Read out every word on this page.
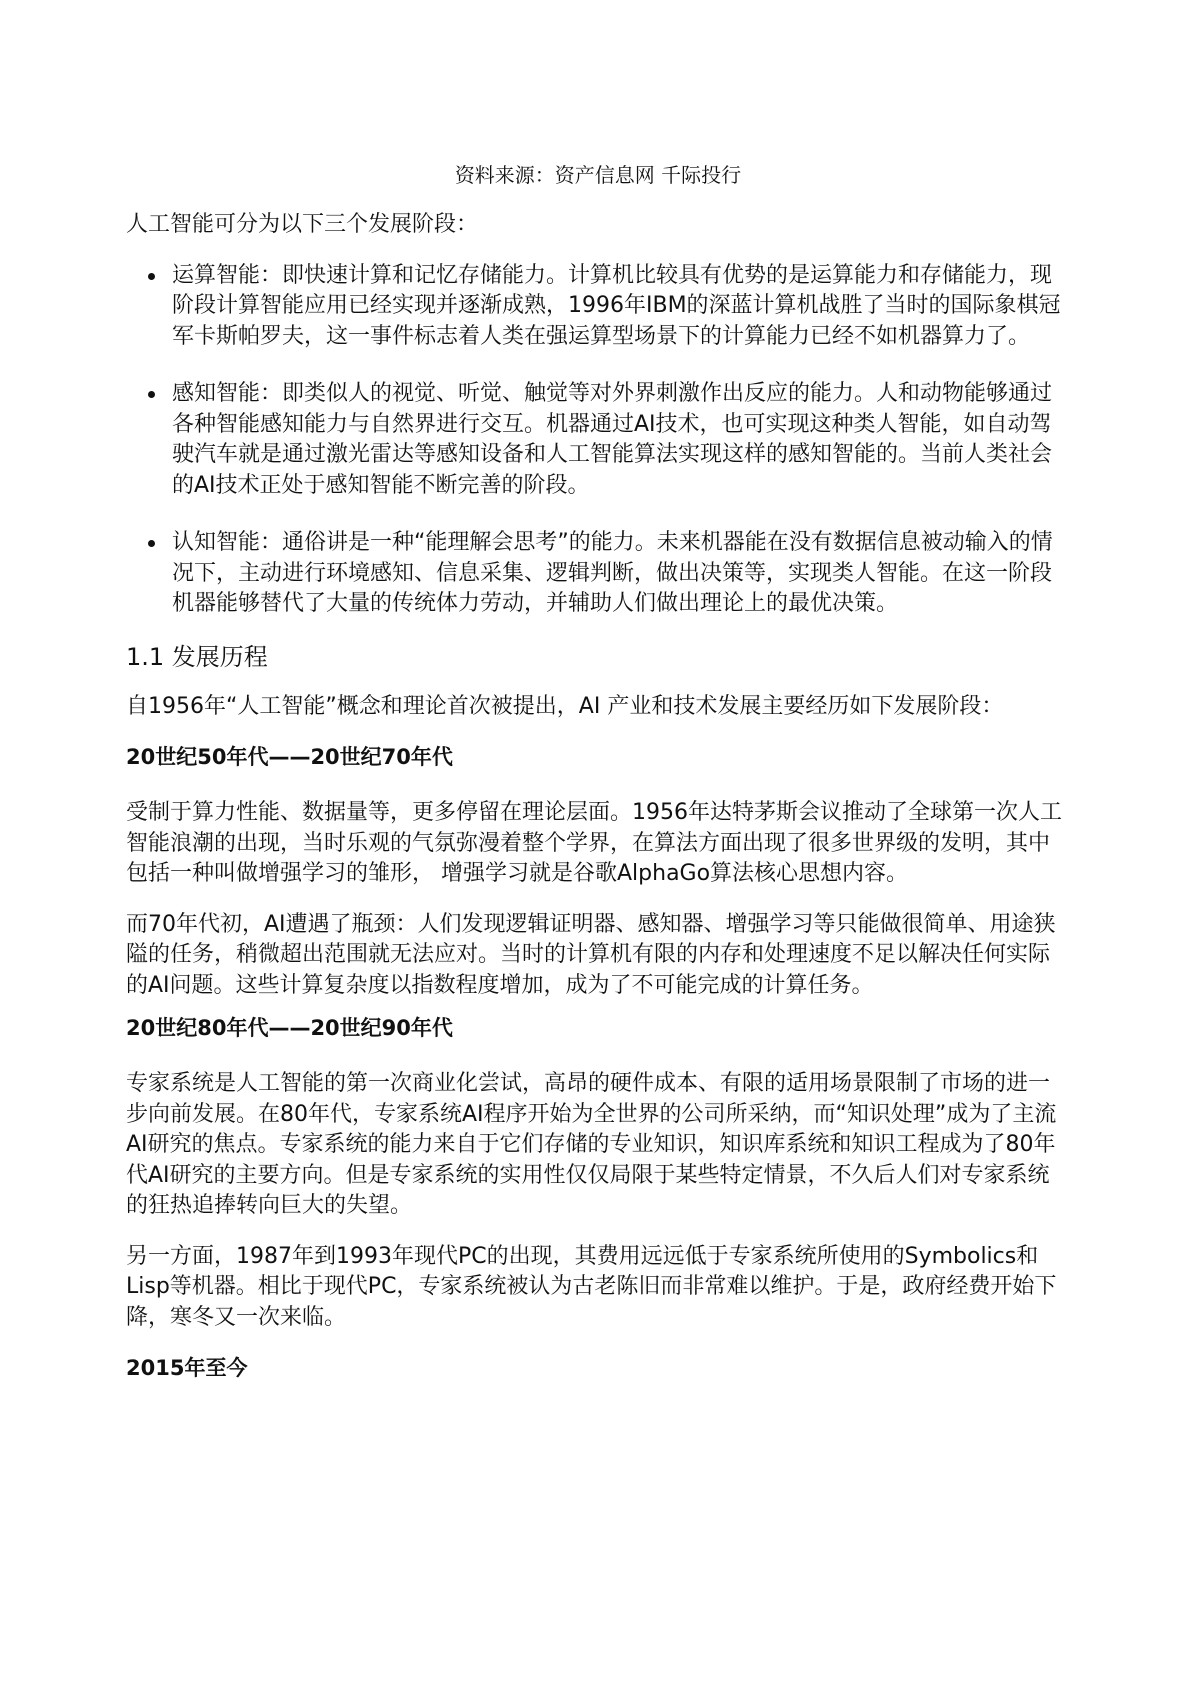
资料来源：资产信息网 千际投行

人工智能可分为以下三个发展阶段：

运算智能：即快速计算和记忆存储能力。计算机比较具有优势的是运算能力和存储能力，现阶段计算智能应用已经实现并逐渐成熟，1996年IBM的深蓝计算机战胜了当时的国际象棋冠军卡斯帕罗夫，这一事件标志着人类在强运算型场景下的计算能力已经不如机器算力了。
感知智能：即类似人的视觉、听觉、触觉等对外界刺激作出反应的能力。人和动物能够通过各种智能感知能力与自然界进行交互。机器通过AI技术，也可实现这种类人智能，如自动驾驶汽车就是通过激光雷达等感知设备和人工智能算法实现这样的感知智能的。当前人类社会的AI技术正处于感知智能不断完善的阶段。
认知智能：通俗讲是一种“能理解会思考”的能力。未来机器能在没有数据信息被动输入的情况下，主动进行环境感知、信息采集、逻辑判断，做出决策等，实现类人智能。在这一阶段机器能够替代了大量的传统体力劳动，并辅助人们做出理论上的最优决策。
1.1 发展历程

自1956年“人工智能”概念和理论首次被提出，AI 产业和技术发展主要经历如下发展阶段：

20世纪50年代——20世纪70年代

受制于算力性能、数据量等，更多停留在理论层面。1956年达特茅斯会议推动了全球第一次人工智能浪潮的出现，当时乐观的气氛弥漫着整个学界，在算法方面出现了很多世界级的发明，其中包括一种叫做增强学习的雏形， 增强学习就是谷歌AlphaGo算法核心思想内容。

而70年代初，AI遭遇了瓶颈：人们发现逻辑证明器、感知器、增强学习等只能做很简单、用途狭隘的任务，稍微超出范围就无法应对。当时的计算机有限的内存和处理速度不足以解决任何实际的AI问题。这些计算复杂度以指数程度增加，成为了不可能完成的计算任务。

20世纪80年代——20世纪90年代

专家系统是人工智能的第一次商业化尝试，高昂的硬件成本、有限的适用场景限制了市场的进一步向前发展。在80年代，专家系统AI程序开始为全世界的公司所采纳，而“知识处理”成为了主流AI研究的焦点。专家系统的能力来自于它们存储的专业知识，知识库系统和知识工程成为了80年代AI研究的主要方向。但是专家系统的实用性仅仅局限于某些特定情景，不久后人们对专家系统的狂热追捧转向巨大的失望。

另一方面，1987年到1993年现代PC的出现，其费用远远低于专家系统所使用的Symbolics和Lisp等机器。相比于现代PC，专家系统被认为古老陈旧而非常难以维护。于是，政府经费开始下降，寒冬又一次来临。

2015年至今
